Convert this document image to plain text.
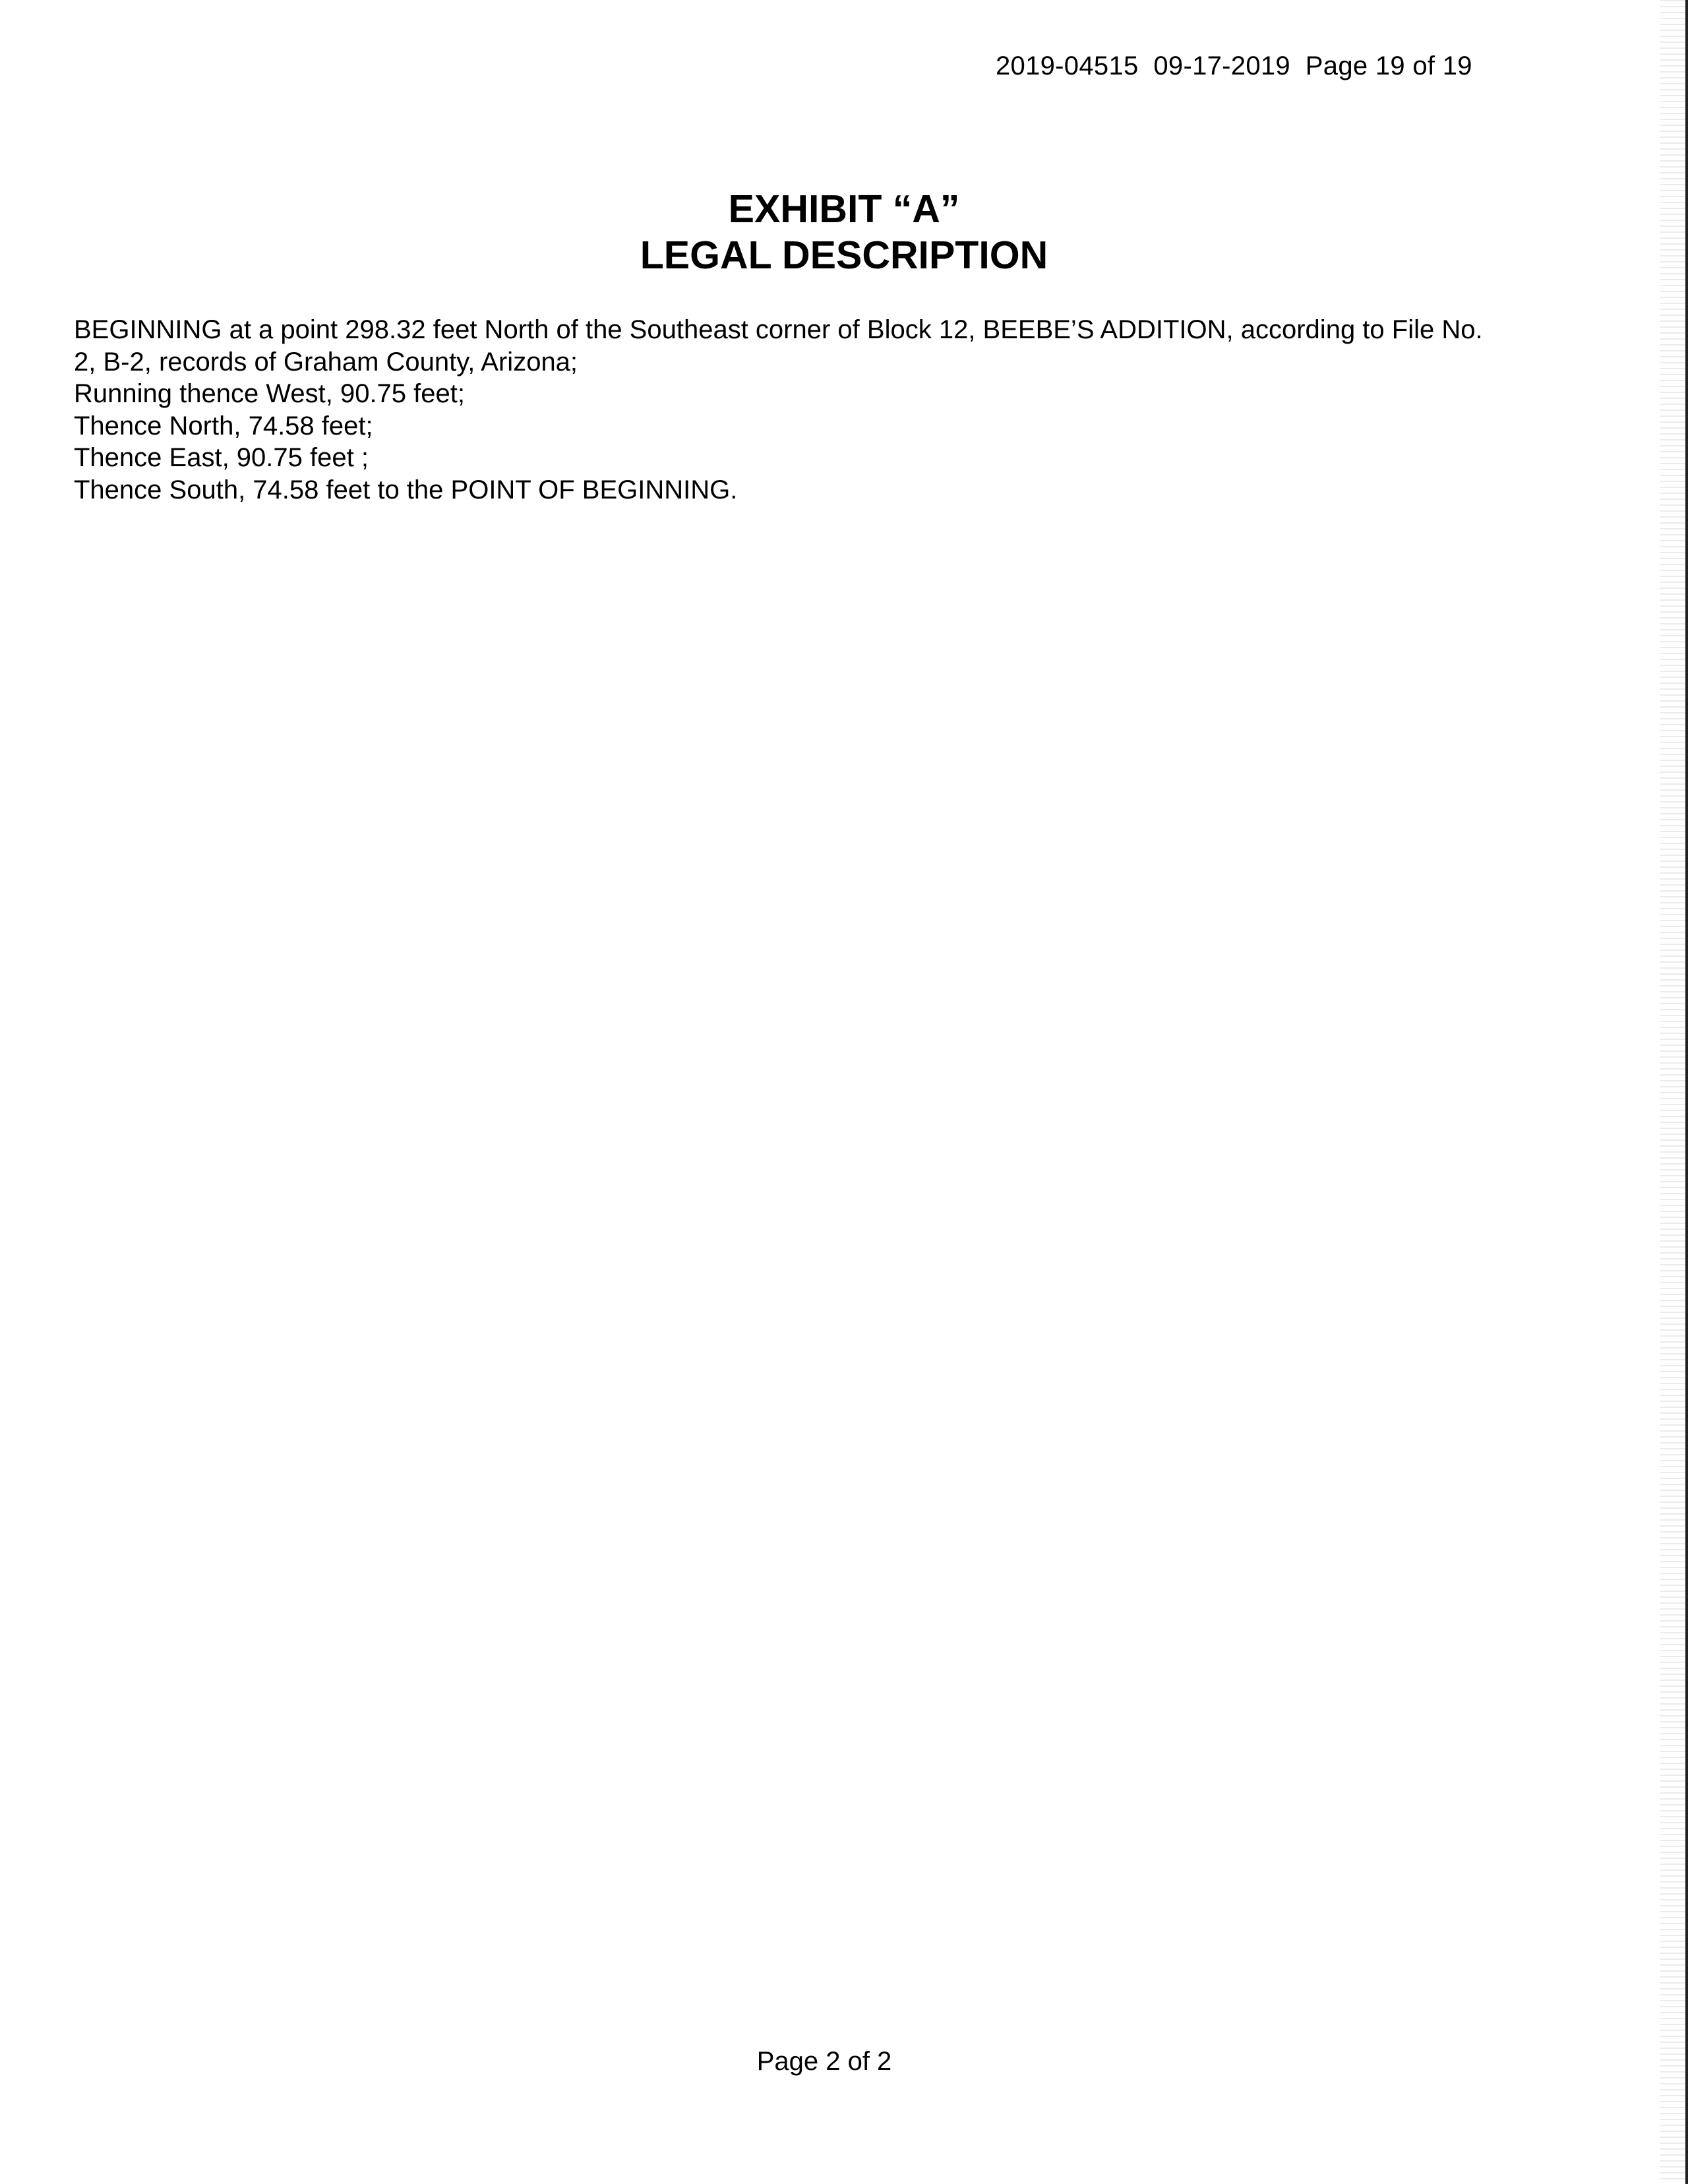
2019-04515  09-17-2019  Page 19 of 19
EXHIBIT “A”
LEGAL DESCRIPTION
BEGINNING at a point 298.32 feet North of the Southeast corner of Block 12, BEEBE’S ADDITION, according to File No.
2, B-2, records of Graham County, Arizona;
Running thence West, 90.75 feet;
Thence North, 74.58 feet;
Thence East, 90.75 feet ;
Thence South, 74.58 feet to the POINT OF BEGINNING.
Page 2 of 2
